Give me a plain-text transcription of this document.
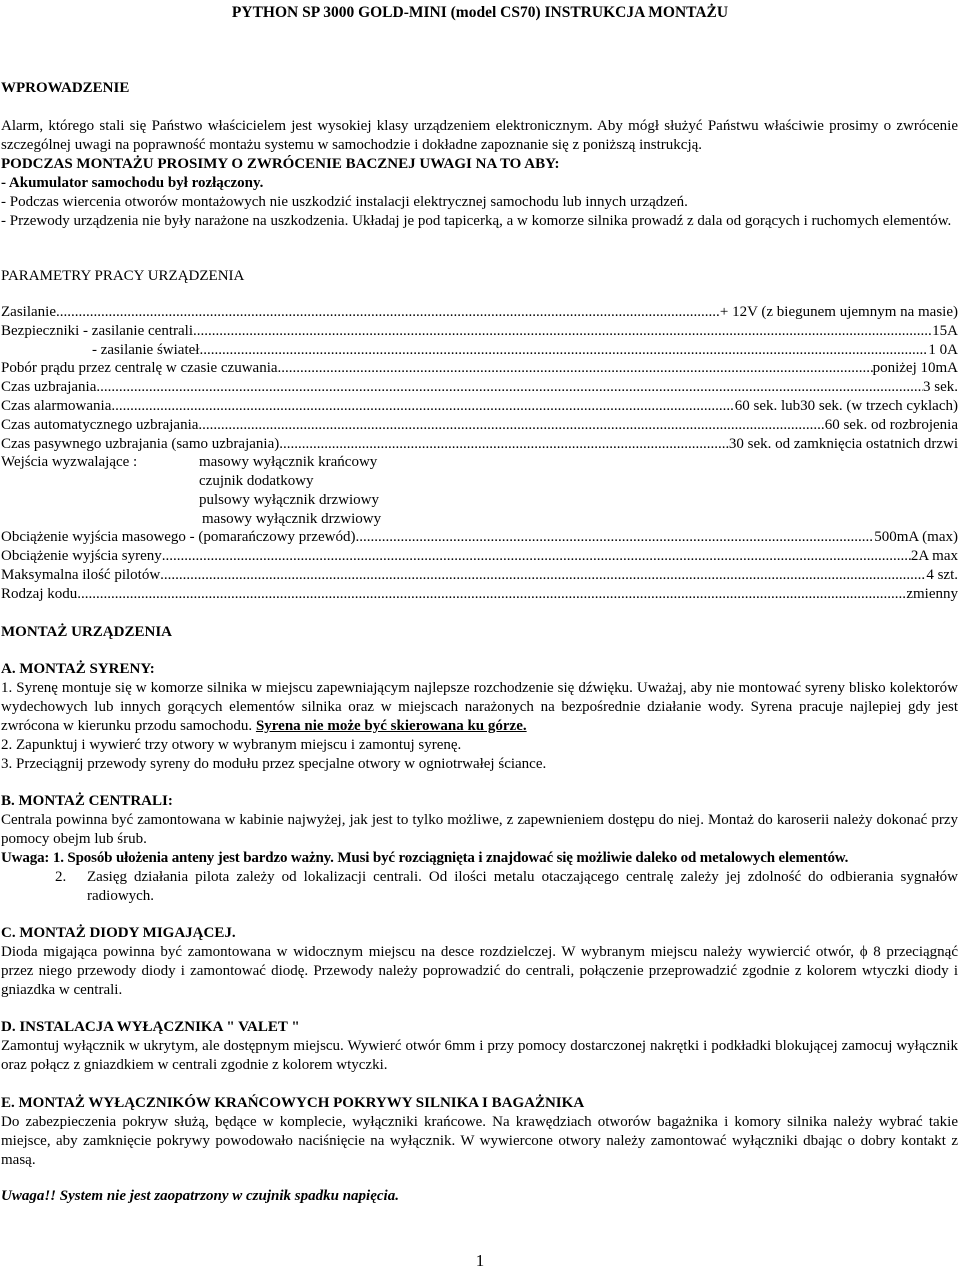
PYTHON SP 3000 GOLD-MINI (model CS70) INSTRUKCJA MONTAŻU
WPROWADZENIE

Alarm, którego stali się Państwo właścicielem jest wysokiej klasy urządzeniem elektronicznym. Aby mógł służyć Państwu właściwie prosimy o zwrócenie szczególnej uwagi na poprawność montażu systemu w samochodzie i dokładne zapoznanie się z poniższą instrukcją.

PODCZAS MONTAŻU PROSIMY O ZWRÓCENIE BACZNEJ UWAGI NA TO ABY:

- Akumulator samochodu był rozłączony.

- Podczas wiercenia otworów montażowych nie uszkodzić instalacji elektrycznej samochodu lub innych urządzeń.

- Przewody urządzenia nie były narażone na uszkodzenia. Układaj je pod tapicerką, a w komorze silnika prowadź z dala od gorących i ruchomych elementów.

PARAMETRY PRACY URZĄDZENIA
Zasilanie .....	+ 12V (z biegunem ujemnym na masie)
Bezpieczniki - zasilanie centrali .....	15A
- zasilanie świateł .....	1 0A
Pobór prądu przez centralę w czasie czuwania .....	poniżej 10mA
Czas uzbrajania .....	3 sek.
Czas alarmowania .....	60 sek. lub30 sek. (w trzech cyklach)
Czas automatycznego uzbrajania .....	60 sek. od rozbrojenia
Czas pasywnego uzbrajania (samo uzbrajania) .....	30 sek. od zamknięcia ostatnich drzwi
Wejścia wyzwalające :	masowy wyłącznik krańcowy
czujnik dodatkowy
pulsowy wyłącznik drzwiowy
masowy wyłącznik drzwiowy
Obciążenie wyjścia masowego - (pomarańczowy przewód) .....	500mA (max)
Obciążenie wyjścia syreny .....	2A max
Maksymalna ilość pilotów .....	4 szt.
Rodzaj kodu .....	zmienny
MONTAŻ URZĄDZENIA
A. MONTAŻ SYRENY:

1. Syrenę montuje się w komorze silnika w miejscu zapewniającym najlepsze rozchodzenie się dźwięku. Uważaj, aby nie montować syreny blisko kolektorów wydechowych lub innych gorących elementów silnika oraz w miejscach narażonych na bezpośrednie działanie wody. Syrena pracuje najlepiej gdy jest zwrócona w kierunku przodu samochodu. Syrena nie może być skierowana ku górze.

2. Zapunktuj i wywierć trzy otwory w wybranym miejscu i zamontuj syrenę.

3. Przeciągnij przewody syreny do modułu przez specjalne otwory w ogniotrwałej ściance.

B. MONTAŻ CENTRALI:

Centrala powinna być zamontowana w kabinie najwyżej, jak jest to tylko możliwe, z zapewnieniem dostępu do niej. Montaż do karoserii należy dokonać przy pomocy obejm lub śrub.

Uwaga: 1. Sposób ułożenia anteny jest bardzo ważny. Musi być rozciągnięta i znajdować się możliwie daleko od metalowych elementów.

2.	Zasięg działania pilota zależy od lokalizacji centrali. Od ilości metalu otaczającego centralę zależy jej zdolność do odbierania sygnałów radiowych.

C. MONTAŻ DIODY MIGAJĄCEJ.

Dioda migająca powinna być zamontowana w widocznym miejscu na desce rozdzielczej. W wybranym miejscu należy wywiercić otwór, ϕ 8 przeciągnąć przez niego przewody diody i zamontować diodę. Przewody należy poprowadzić do centrali, połączenie przeprowadzić zgodnie z kolorem wtyczki diody i gniazdka w centrali.

D. INSTALACJA WYŁĄCZNIKA " VALET "

Zamontuj wyłącznik w ukrytym, ale dostępnym miejscu. Wywierć otwór 6mm i przy pomocy dostarczonej nakrętki i podkładki blokującej zamocuj wyłącznik oraz połącz z gniazdkiem w centrali zgodnie z kolorem wtyczki.

E. MONTAŻ WYŁĄCZNIKÓW KRAŃCOWYCH POKRYWY SILNIKA I BAGAŻNIKA

Do zabezpieczenia pokryw służą, będące w komplecie, wyłączniki krańcowe. Na krawędziach otworów bagażnika i komory silnika należy wybrać takie miejsce, aby zamknięcie pokrywy powodowało naciśnięcie na wyłącznik. W wywiercone otwory należy zamontować wyłączniki dbając o dobry kontakt z masą.

Uwaga!! System nie jest zaopatrzony w czujnik spadku napięcia.
1
